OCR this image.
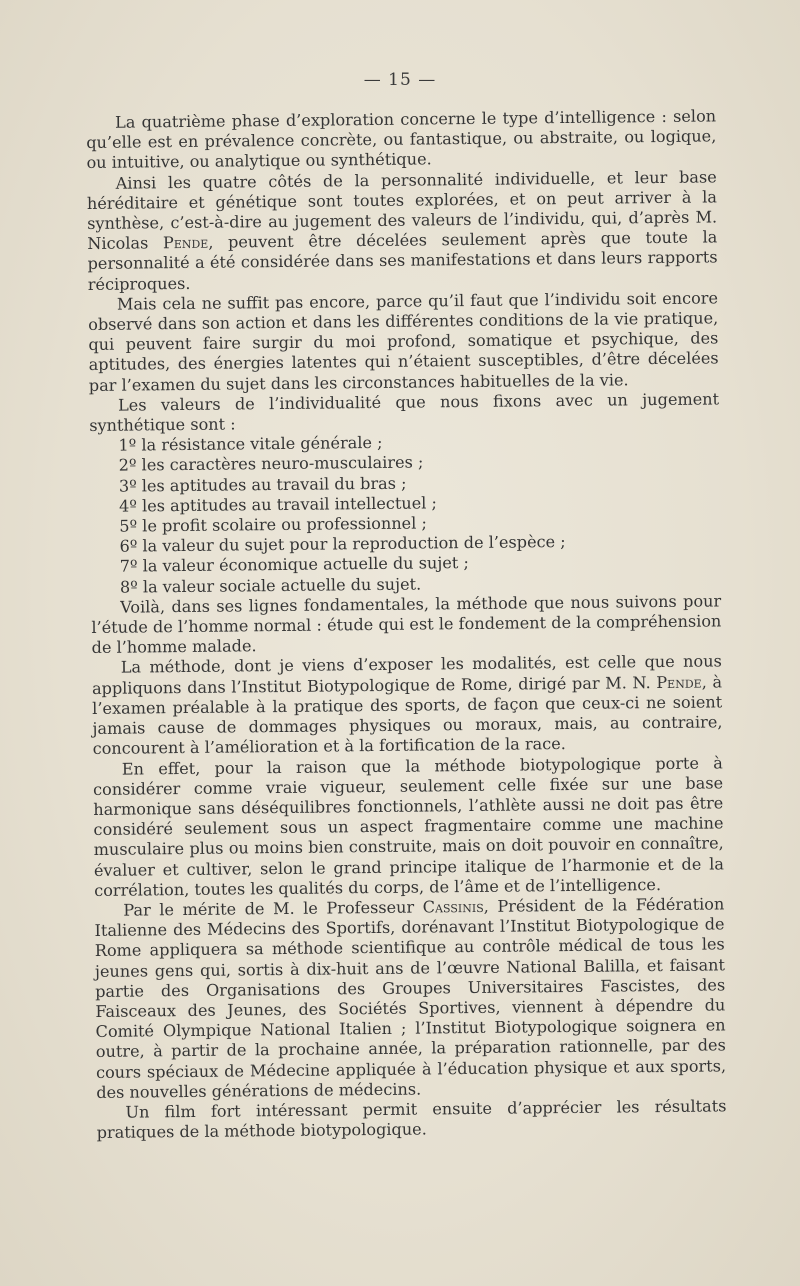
— 15 —

La quatrième phase d’exploration concerne le type d’intelligence : selon qu’elle est en prévalence concrète, ou fantastique, ou abstraite, ou logique, ou intuitive, ou analytique ou synthétique.

Ainsi les quatre côtés de la personnalité individuelle, et leur base héréditaire et génétique sont toutes explorées, et on peut arriver à la synthèse, c’est-à-dire au jugement des valeurs de l’individu, qui, d’après M. Nicolas Pende, peuvent être décelées seulement après que toute la personnalité a été considérée dans ses manifestations et dans leurs rapports réciproques.

Mais cela ne suffit pas encore, parce qu’il faut que l’individu soit encore observé dans son action et dans les différentes conditions de la vie pratique, qui peuvent faire surgir du moi profond, somatique et psychique, des aptitudes, des énergies latentes qui n’étaient susceptibles, d’être décelées par l’examen du sujet dans les circonstances habituelles de la vie.

Les valeurs de l’individualité que nous fixons avec un jugement synthétique sont :

1º la résistance vitale générale ;
2º les caractères neuro-musculaires ;
3º les aptitudes au travail du bras ;
4º les aptitudes au travail intellectuel ;
5º le profit scolaire ou professionnel ;
6º la valeur du sujet pour la reproduction de l’espèce ;
7º la valeur économique actuelle du sujet ;
8º la valeur sociale actuelle du sujet.

Voilà, dans ses lignes fondamentales, la méthode que nous suivons pour l’étude de l’homme normal : étude qui est le fondement de la compréhension de l’homme malade.

La méthode, dont je viens d’exposer les modalités, est celle que nous appliquons dans l’Institut Biotypologique de Rome, dirigé par M. N. Pende, à l’examen préalable à la pratique des sports, de façon que ceux-ci ne soient jamais cause de dommages physiques ou moraux, mais, au contraire, concourent à l’amélioration et à la fortification de la race.

En effet, pour la raison que la méthode biotypologique porte à considérer comme vraie vigueur, seulement celle fixée sur une base harmonique sans déséquilibres fonctionnels, l’athlète aussi ne doit pas être considéré seulement sous un aspect fragmentaire comme une machine musculaire plus ou moins bien construite, mais on doit pouvoir en connaître, évaluer et cultiver, selon le grand principe italique de l’harmonie et de la corrélation, toutes les qualités du corps, de l’âme et de l’intelligence.

Par le mérite de M. le Professeur Cassinis, Président de la Fédération Italienne des Médecins des Sportifs, dorénavant l’Institut Biotypologique de Rome appliquera sa méthode scientifique au contrôle médical de tous les jeunes gens qui, sortis à dix-huit ans de l’œuvre National Balilla, et faisant partie des Organisations des Groupes Universitaires Fascistes, des Faisceaux des Jeunes, des Sociétés Sportives, viennent à dépendre du Comité Olympique National Italien ; l’Institut Biotypologique soignera en outre, à partir de la prochaine année, la préparation rationnelle, par des cours spéciaux de Médecine appliquée à l’éducation physique et aux sports, des nouvelles générations de médecins.

Un film fort intéressant permit ensuite d’apprécier les résultats pratiques de la méthode biotypologique.
